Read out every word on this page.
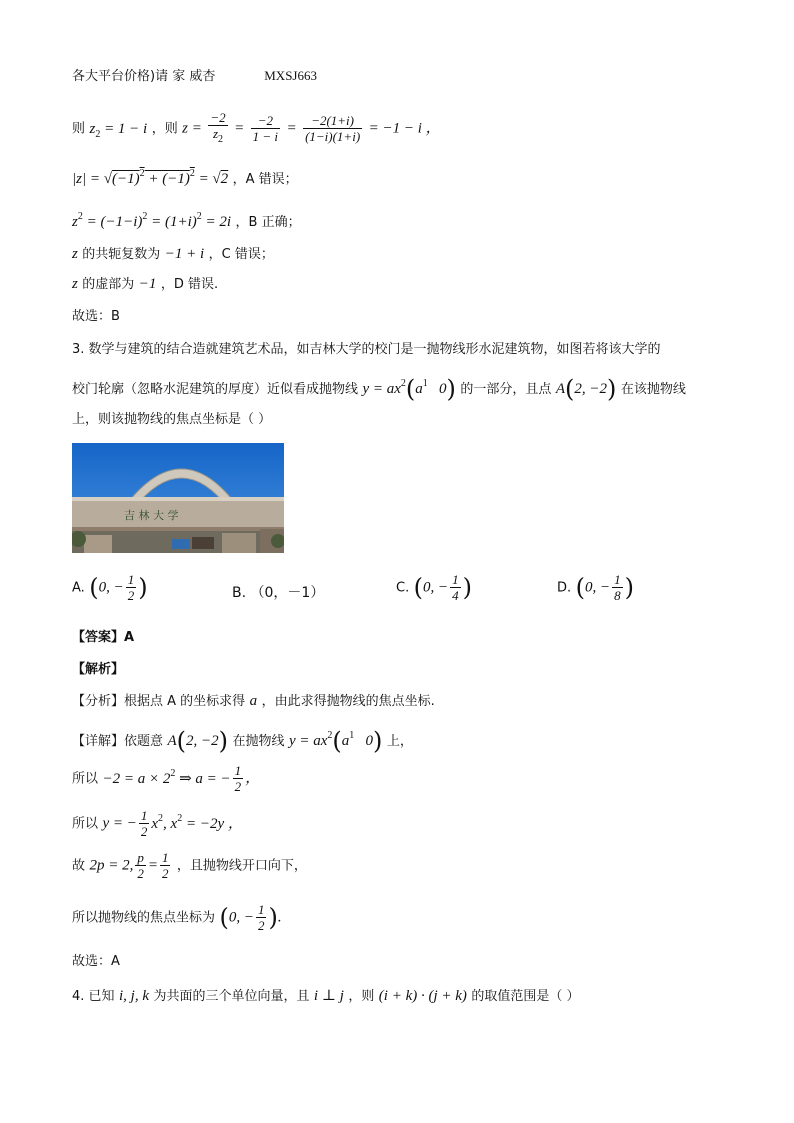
各大平台价格)请 家 威杏	MXSJ663
则 $z_2 = 1 - i$ ，则 $z = \frac{-2}{z_2} = \frac{-2}{1 - i} = \frac{-2(1+i)}{(1-i)(1+i)} = -1 - i$ ，
$|z| = √(-1)^2 + (-1)^2 = √2$ ，A 错误；
$z^2 = (-1-i)^2 = (1+i)^2 = 2i$ ，B 正确；
z 的共轭复数为 −1 + i ，C 错误；
z 的虚部为 −1 ，D 错误.
故选：B
3. 数学与建筑的结合造就建筑艺术品，如吉林大学的校门是一抛物线形水泥建筑物，如图若将该大学的
校门轮廓（忽略水泥建筑的厚度）近似看成抛物线 $y = ax^2(a^1$   0) 的一部分，且点 A(2, −2) 在该抛物线
上，则该抛物线的焦点坐标是（ ）
吉 林 大 学
A. (0, − $\frac{1}{2}$ )	B. （0，－1）	C. (0, − $\frac{1}{4}$ )	D. (0, − $\frac{1}{8}$ )
【答案】A
【解析】
【分析】根据点 A 的坐标求得 a ，由此求得抛物线的焦点坐标.
【详解】依题意 A(2, −2) 在抛物线 $y = ax^2(a^1$   0) 上，
所以 $-2 = a \times 2^2$ ⇒ a = − $\frac{1}{2}$ ，
所以 y = − $\frac{1}{2} x^2$, $x^2 = -2y$ ，
故 2p = 2, $\frac{p}{2} = \frac{1}{2}$ ，且抛物线开口向下，
所以抛物线的焦点坐标为 (0, − $\frac{1}{2}$ ).
故选：A
4. 已知 i, j, k 为共面的三个单位向量，且 i ⊥ j ，则 (i + k) · (j + k) 的取值范围是（ ）
